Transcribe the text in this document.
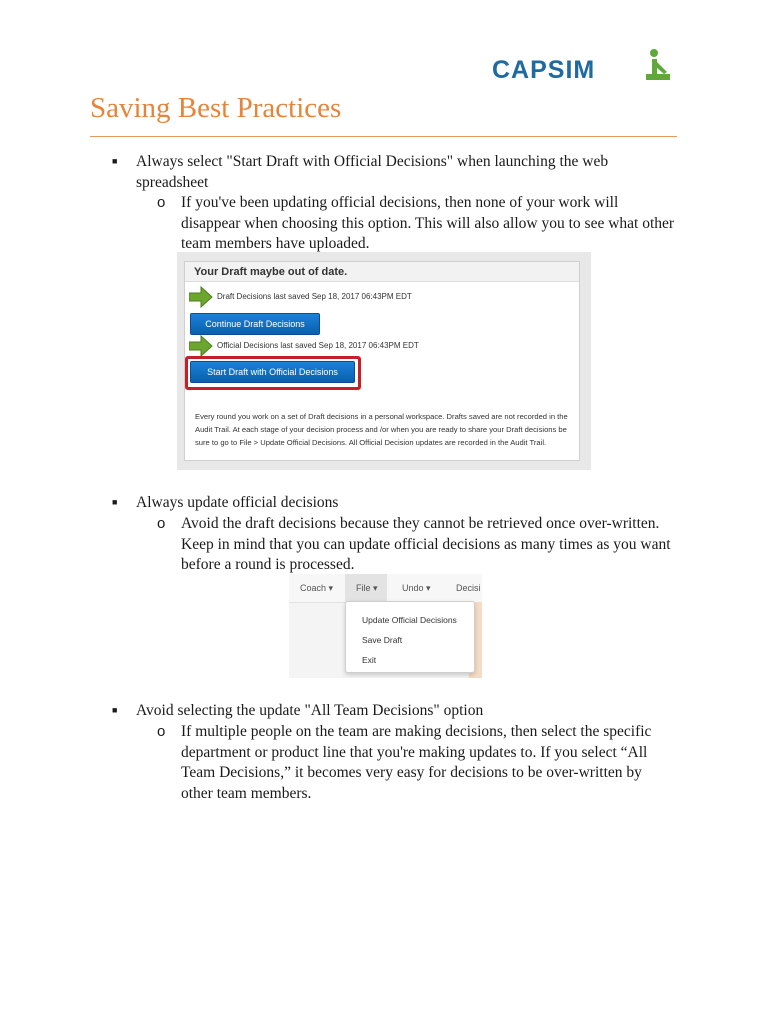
CAPSIM
Saving Best Practices
■ Always select "Start Draft with Official Decisions" when launching the web spreadsheet
o If you've been updating official decisions, then none of your work will disappear when choosing this option. This will also allow you to see what other team members have uploaded.
Your Draft maybe out of date.
Draft Decisions last saved Sep 18, 2017 06:43PM EDT
Continue Draft Decisions
Official Decisions last saved Sep 18, 2017 06:43PM EDT
Start Draft with Official Decisions
Every round you work on a set of Draft decisions in a personal workspace. Drafts saved are not recorded in the Audit Trail. At each stage of your decision process and /or when you are ready to share your Draft decisions be sure to go to File > Update Official Decisions. All Official Decision updates are recorded in the Audit Trail.
■ Always update official decisions
o Avoid the draft decisions because they cannot be retrieved once over-written. Keep in mind that you can update official decisions as many times as you want before a round is processed.
Coach ▾	File ▾	Undo ▾	Decisi
Update Official Decisions
Save Draft
Exit
■ Avoid selecting the update "All Team Decisions" option
o If multiple people on the team are making decisions, then select the specific department or product line that you're making updates to. If you select “All Team Decisions,” it becomes very easy for decisions to be over-written by other team members.
